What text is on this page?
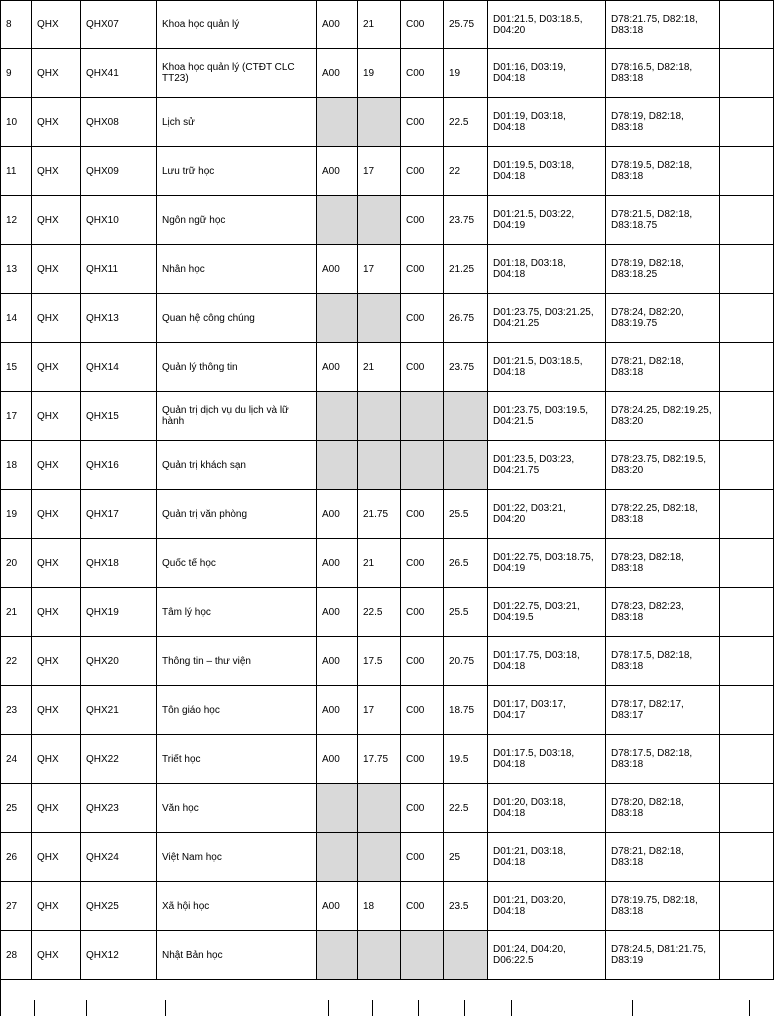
8	QHX	QHX07	Khoa học quản lý	A00	21	C00	25.75	D01:21.5, D03:18.5, D04:20	D78:21.75, D82:18, D83:18	
9	QHX	QHX41	Khoa học quản lý (CTĐT CLC TT23)	A00	19	C00	19	D01:16, D03:19, D04:18	D78:16.5, D82:18, D83:18	
10	QHX	QHX08	Lịch sử			C00	22.5	D01:19, D03:18, D04:18	D78:19, D82:18, D83:18	
11	QHX	QHX09	Lưu trữ học	A00	17	C00	22	D01:19.5, D03:18, D04:18	D78:19.5, D82:18, D83:18	
12	QHX	QHX10	Ngôn ngữ học			C00	23.75	D01:21.5, D03:22, D04:19	D78:21.5, D82:18, D83:18.75	
13	QHX	QHX11	Nhân học	A00	17	C00	21.25	D01:18, D03:18, D04:18	D78:19, D82:18, D83:18.25	
14	QHX	QHX13	Quan hệ công chúng			C00	26.75	D01:23.75, D03:21.25, D04:21.25	D78:24, D82:20, D83:19.75	
15	QHX	QHX14	Quản lý thông tin	A00	21	C00	23.75	D01:21.5, D03:18.5, D04:18	D78:21, D82:18, D83:18	
17	QHX	QHX15	Quản trị dịch vụ du lịch và lữ hành					D01:23.75, D03:19.5, D04:21.5	D78:24.25, D82:19.25, D83:20	
18	QHX	QHX16	Quản trị khách sạn					D01:23.5, D03:23, D04:21.75	D78:23.75, D82:19.5, D83:20	
19	QHX	QHX17	Quản trị văn phòng	A00	21.75	C00	25.5	D01:22, D03:21, D04:20	D78:22.25, D82:18, D83:18	
20	QHX	QHX18	Quốc tế học	A00	21	C00	26.5	D01:22.75, D03:18.75, D04:19	D78:23, D82:18, D83:18	
21	QHX	QHX19	Tâm lý học	A00	22.5	C00	25.5	D01:22.75, D03:21, D04:19.5	D78:23, D82:23, D83:18	
22	QHX	QHX20	Thông tin – thư viện	A00	17.5	C00	20.75	D01:17.75, D03:18, D04:18	D78:17.5, D82:18, D83:18	
23	QHX	QHX21	Tôn giáo học	A00	17	C00	18.75	D01:17, D03:17, D04:17	D78:17, D82:17, D83:17	
24	QHX	QHX22	Triết học	A00	17.75	C00	19.5	D01:17.5, D03:18, D04:18	D78:17.5, D82:18, D83:18	
25	QHX	QHX23	Văn học			C00	22.5	D01:20, D03:18, D04:18	D78:20, D82:18, D83:18	
26	QHX	QHX24	Việt Nam học			C00	25	D01:21, D03:18, D04:18	D78:21, D82:18, D83:18	
27	QHX	QHX25	Xã hội học	A00	18	C00	23.5	D01:21, D03:20, D04:18	D78:19.75, D82:18, D83:18	
28	QHX	QHX12	Nhật Bản học					D01:24, D04:20, D06:22.5	D78:24.5, D81:21.75, D83:19	
